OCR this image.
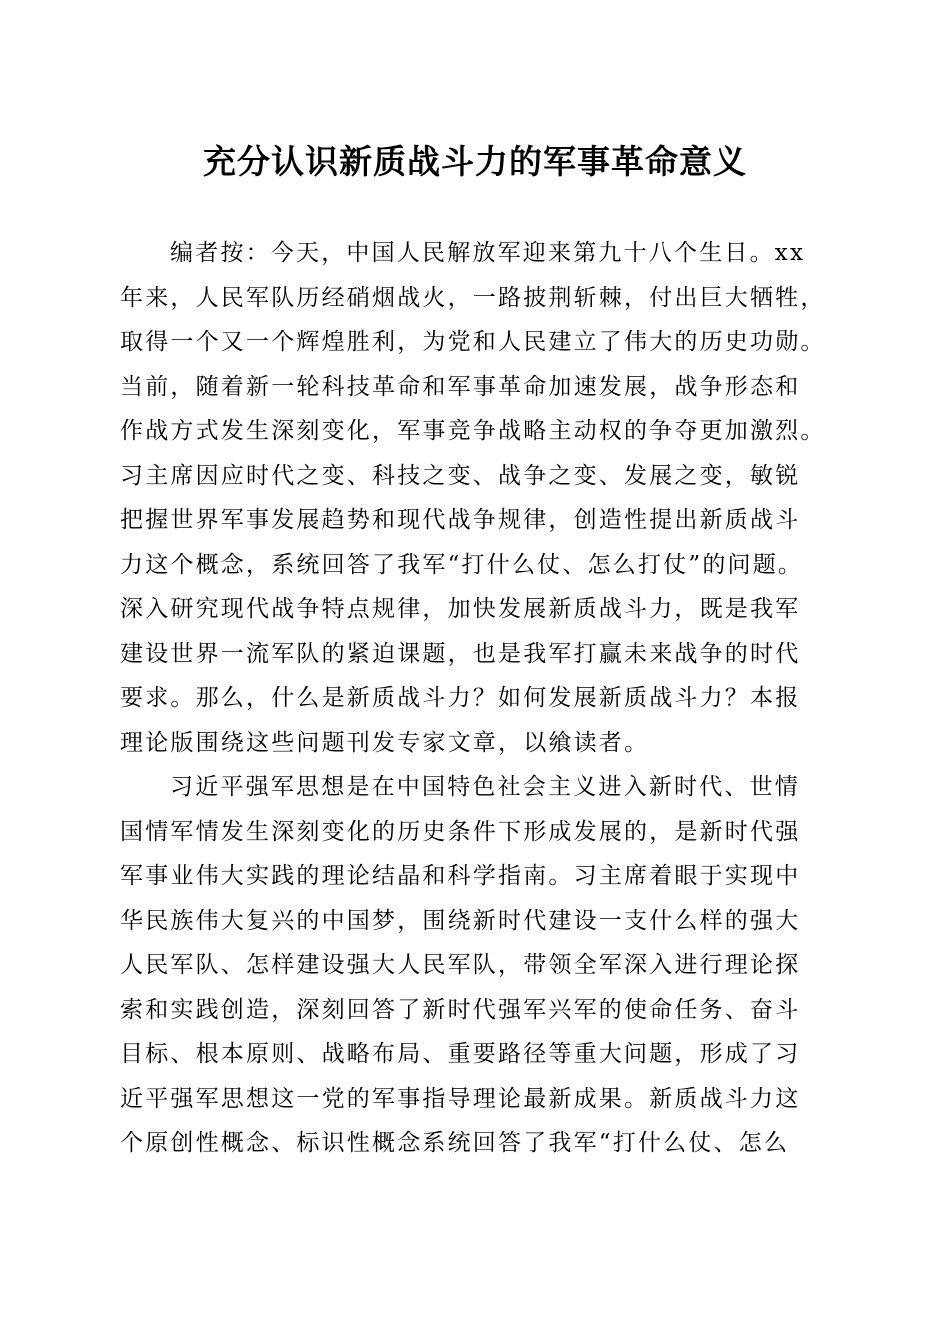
充分认识新质战斗力的军事革命意义

编者按：今天，中国人民解放军迎来第九十八个生日。xx
年来，人民军队历经硝烟战火，一路披荆斩棘，付出巨大牺牲，
取得一个又一个辉煌胜利，为党和人民建立了伟大的历史功勋。
当前，随着新一轮科技革命和军事革命加速发展，战争形态和
作战方式发生深刻变化，军事竞争战略主动权的争夺更加激烈。
习主席因应时代之变、科技之变、战争之变、发展之变，敏锐
把握世界军事发展趋势和现代战争规律，创造性提出新质战斗
力这个概念，系统回答了我军“打什么仗、怎么打仗”的问题。
深入研究现代战争特点规律，加快发展新质战斗力，既是我军
建设世界一流军队的紧迫课题，也是我军打赢未来战争的时代
要求。那么，什么是新质战斗力？如何发展新质战斗力？本报
理论版围绕这些问题刊发专家文章，以飨读者。

习近平强军思想是在中国特色社会主义进入新时代、世情
国情军情发生深刻变化的历史条件下形成发展的，是新时代强
军事业伟大实践的理论结晶和科学指南。习主席着眼于实现中
华民族伟大复兴的中国梦，围绕新时代建设一支什么样的强大
人民军队、怎样建设强大人民军队，带领全军深入进行理论探
索和实践创造，深刻回答了新时代强军兴军的使命任务、奋斗
目标、根本原则、战略布局、重要路径等重大问题，形成了习
近平强军思想这一党的军事指导理论最新成果。新质战斗力这
个原创性概念、标识性概念系统回答了我军“打什么仗、怎么
